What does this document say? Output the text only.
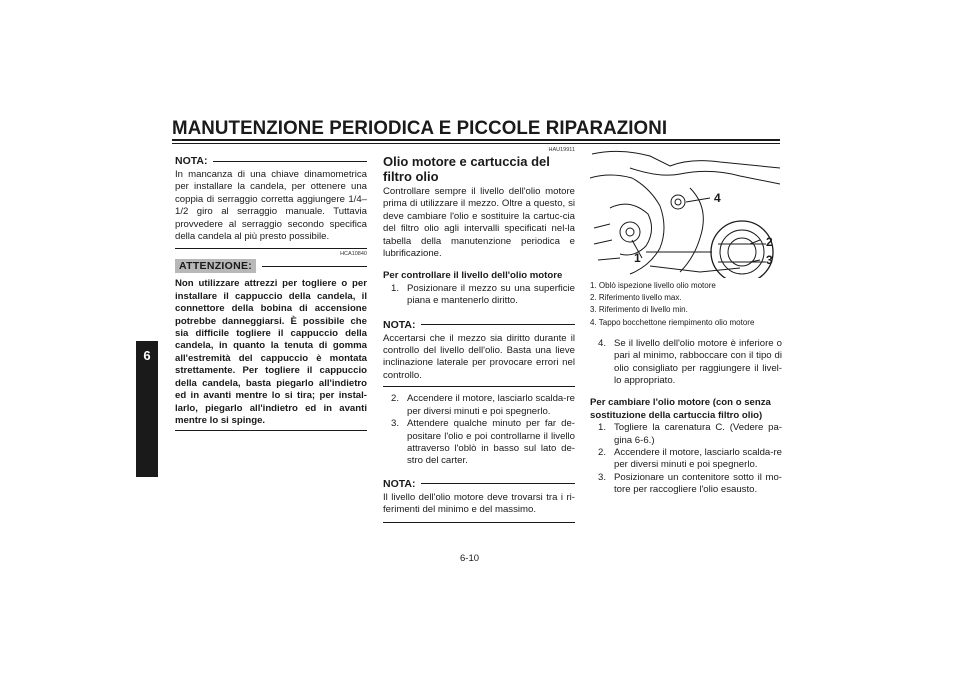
MANUTENZIONE PERIODICA E PICCOLE RIPARAZIONI
6
NOTA:
In mancanza di una chiave dinamometrica per installare la candela, per ottenere una coppia di serraggio corretta aggiungere 1/4–1/2 giro al serraggio manuale. Tuttavia provvedere al serraggio secondo specifica della candela al più presto possibile.
HCA10840
ATTENZIONE:
Non utilizzare attrezzi per togliere o per installare il cappuccio della candela, il connettore della bobina di accensione potrebbe danneggiarsi. È possibile che sia difficile togliere il cappuccio della candela, in quanto la tenuta di gomma all'estremità del cappuccio è montata strettamente. Per togliere il cappuccio della candela, basta piegarlo all'indietro ed in avanti mentre lo si tira; per instal-larlo, piegarlo all'indietro ed in avanti mentre lo si spinge.
HAU19911
Olio motore e cartuccia del filtro olio
Controllare sempre il livello dell'olio motore prima di utilizzare il mezzo. Oltre a questo, si deve cambiare l'olio e sostituire la cartuc-cia del filtro olio agli intervalli specificati nel-la tabella della manutenzione periodica e lubrificazione.
Per controllare il livello dell'olio motore
1. Posizionare il mezzo su una superficie piana e mantenerlo diritto.
NOTA:
Accertarsi che il mezzo sia diritto durante il controllo del livello dell'olio. Basta una lieve inclinazione laterale per provocare errori nel controllo.
2. Accendere il motore, lasciarlo scalda-re per diversi minuti e poi spegnerlo.
3. Attendere qualche minuto per far de-positare l'olio e poi controllarne il livello attraverso l'oblò in basso sul lato de-stro del carter.
NOTA:
Il livello dell'olio motore deve trovarsi tra i ri-ferimenti del minimo e del massimo.
4
2
3
1
1. Oblò ispezione livello olio motore
2. Riferimento livello max.
3. Riferimento di livello min.
4. Tappo bocchettone riempimento olio motore
4. Se il livello dell'olio motore è inferiore o pari al minimo, rabboccare con il tipo di olio consigliato per raggiungere il livel-lo appropriato.
Per cambiare l'olio motore (con o senza sostituzione della cartuccia filtro olio)
1. Togliere la carenatura C. (Vedere pa-gina 6-6.)
2. Accendere il motore, lasciarlo scalda-re per diversi minuti e poi spegnerlo.
3. Posizionare un contenitore sotto il mo-tore per raccogliere l'olio esausto.
6-10
